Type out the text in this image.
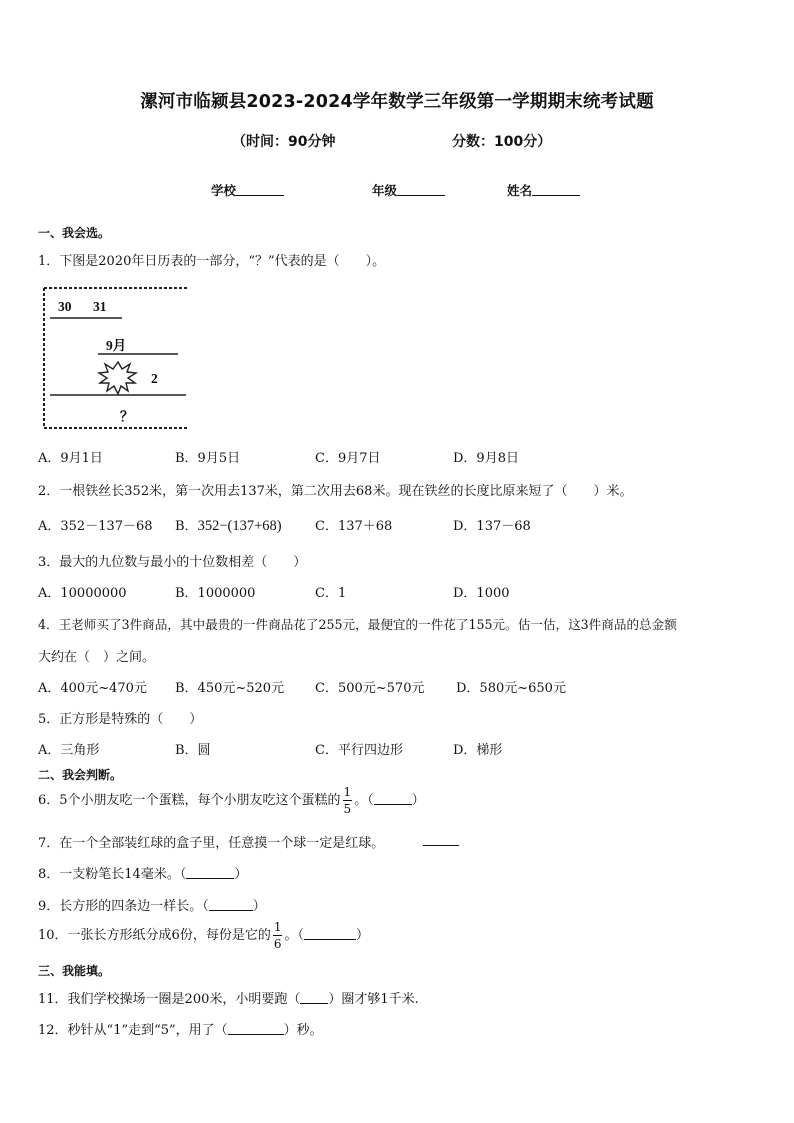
漯河市临颍县2023-2024学年数学三年级第一学期期末统考试题
（时间：90分钟	分数：100分）
学校	年级	姓名
一、我会选。
1．下图是2020年日历表的一部分，“？”代表的是（　　）。
30 31
9月
2
？
A．9月1日	B．9月5日	C．9月7日	D．9月8日
2．一根铁丝长352米，第一次用去137米，第二次用去68米。现在铁丝的长度比原来短了（　　）米。
A．352－137－68 B．352−(137+68)	C．137＋68	D．137－68
3．最大的九位数与最小的十位数相差（　　）
A．10000000	B．1000000	C．1	D．1000
4．王老师买了3件商品，其中最贵的一件商品花了255元，最便宜的一件花了155元。估一估，这3件商品的总金额
大约在（　）之间。
A．400元~470元 B．450元~520元 C．500元~570元 D．580元~650元
5．正方形是特殊的（　　）
A．三角形	B．圆	C．平行四边形	D．梯形
二、我会判断。
6．5个小朋友吃一个蛋糕，每个小朋友吃这个蛋糕的 $\frac{1}{5}$ 。（	）
7．在一个全部装红球的盒子里，任意摸一个球一定是红球。
8．一支粉笔长14毫米。（	）
9．长方形的四条边一样长。（	）
10．一张长方形纸分成6份，每份是它的 $\frac{1}{6}$ 。（	）
三、我能填。
11．我们学校操场一圈是200米，小明要跑（ ）圈才够1千米.
12．秒针从“1”走到“5”，用了（	）秒。
